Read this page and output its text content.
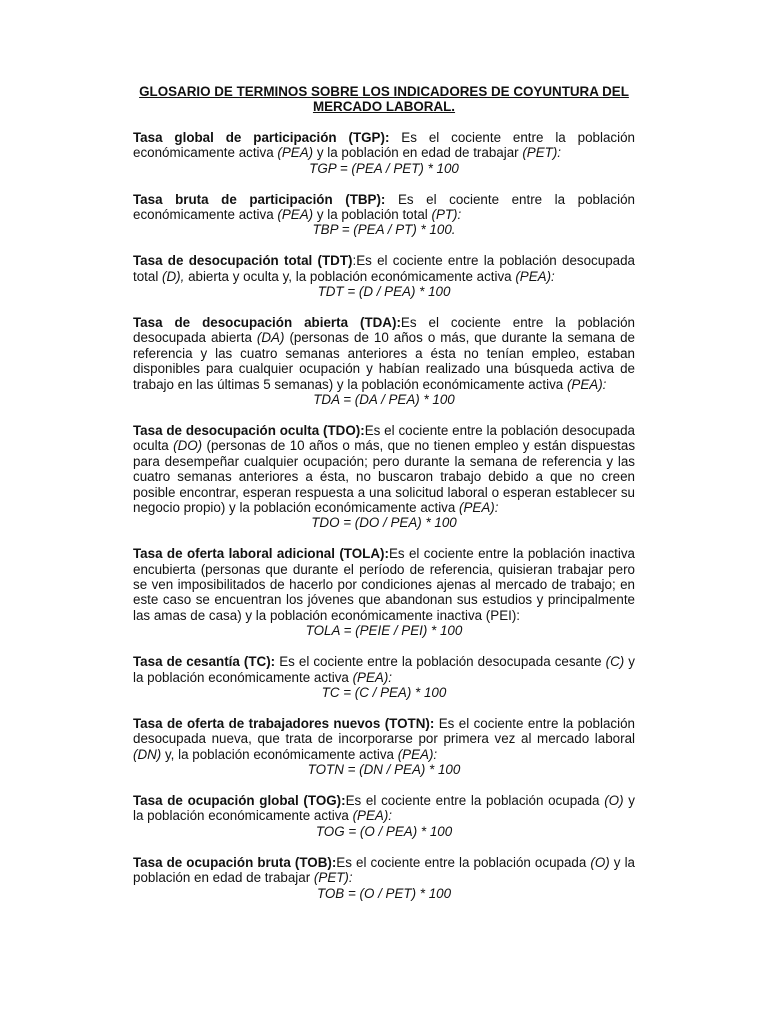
GLOSARIO DE TERMINOS SOBRE LOS INDICADORES DE COYUNTURA DEL
MERCADO LABORAL.

Tasa global de participación (TGP): Es el cociente entre la población económicamente activa (PEA) y la población en edad de trabajar (PET):
TGP = (PEA / PET) * 100

Tasa bruta de participación (TBP): Es el cociente entre la población económicamente activa (PEA) y la población total (PT):
TBP = (PEA / PT) * 100.

Tasa de desocupación total (TDT):Es el cociente entre la población desocupada total (D), abierta y oculta y, la población económicamente activa (PEA):
TDT = (D / PEA) * 100

Tasa de desocupación abierta (TDA):Es el cociente entre la población desocupada abierta (DA) (personas de 10 años o más, que durante la semana de referencia y las cuatro semanas anteriores a ésta no tenían empleo, estaban disponibles para cualquier ocupación y habían realizado una búsqueda activa de trabajo en las últimas 5 semanas) y la población económicamente activa (PEA):
TDA = (DA / PEA) * 100

Tasa de desocupación oculta (TDO):Es el cociente entre la población desocupada oculta (DO) (personas de 10 años o más, que no tienen empleo y están dispuestas para desempeñar cualquier ocupación; pero durante la semana de referencia y las cuatro semanas anteriores a ésta, no buscaron trabajo debido a que no creen posible encontrar, esperan respuesta a una solicitud laboral o esperan establecer su negocio propio) y la población económicamente activa (PEA):
TDO = (DO / PEA) * 100

Tasa de oferta laboral adicional (TOLA):Es el cociente entre la población inactiva encubierta (personas que durante el período de referencia, quisieran trabajar pero se ven imposibilitados de hacerlo por condiciones ajenas al mercado de trabajo; en este caso se encuentran los jóvenes que abandonan sus estudios y principalmente las amas de casa) y la población económicamente inactiva (PEI):
TOLA = (PEIE / PEI) * 100

Tasa de cesantía (TC): Es el cociente entre la población desocupada cesante (C) y la población económicamente activa (PEA):
TC = (C / PEA) * 100

Tasa de oferta de trabajadores nuevos (TOTN): Es el cociente entre la población desocupada nueva, que trata de incorporarse por primera vez al mercado laboral (DN) y, la población económicamente activa (PEA):
TOTN = (DN / PEA) * 100

Tasa de ocupación global (TOG):Es el cociente entre la población ocupada (O) y la población económicamente activa (PEA):
TOG = (O / PEA) * 100

Tasa de ocupación bruta (TOB):Es el cociente entre la población ocupada (O) y la población en edad de trabajar (PET):
TOB = (O / PET) * 100
